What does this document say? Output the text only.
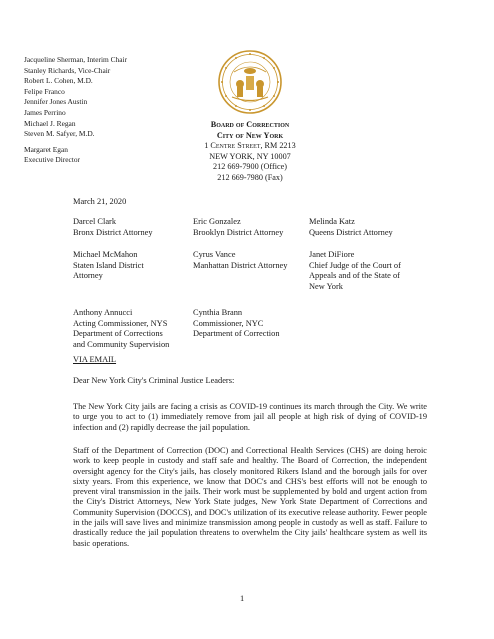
Jacqueline Sherman, Interim Chair
Stanley Richards, Vice-Chair
Robert L. Cohen, M.D.
Felipe Franco
Jennifer Jones Austin
James Perrino
Michael J. Regan
Steven M. Safyer, M.D.
Margaret Egan
Executive Director
Board of Correction
City of New York
1 Centre Street, RM 2213
NEW YORK, NY 10007
212 669-7900 (Office)
212 669-7980 (Fax)
March 21, 2020
Darcel Clark
Bronx District Attorney
Eric Gonzalez
Brooklyn District Attorney
Melinda Katz
Queens District Attorney
Michael McMahon
Staten Island District
Attorney
Cyrus Vance
Manhattan District Attorney
Janet DiFiore
Chief Judge of the Court of
Appeals and of the State of
New York
Anthony Annucci
Acting Commissioner, NYS
Department of Corrections
and Community Supervision
Cynthia Brann
Commissioner, NYC
Department of Correction
VIA EMAIL
Dear New York City's Criminal Justice Leaders:
The New York City jails are facing a crisis as COVID-19 continues its march through the City. We write to urge you to act to (1) immediately remove from jail all people at high risk of dying of COVID-19 infection and (2) rapidly decrease the jail population.
Staff of the Department of Correction (DOC) and Correctional Health Services (CHS) are doing heroic work to keep people in custody and staff safe and healthy. The Board of Correction, the independent oversight agency for the City's jails, has closely monitored Rikers Island and the borough jails for over sixty years. From this experience, we know that DOC's and CHS's best efforts will not be enough to prevent viral transmission in the jails. Their work must be supplemented by bold and urgent action from the City's District Attorneys, New York State judges, New York State Department of Corrections and Community Supervision (DOCCS), and DOC's utilization of its executive release authority. Fewer people in the jails will save lives and minimize transmission among people in custody as well as staff. Failure to drastically reduce the jail population threatens to overwhelm the City jails' healthcare system as well its basic operations.
1
